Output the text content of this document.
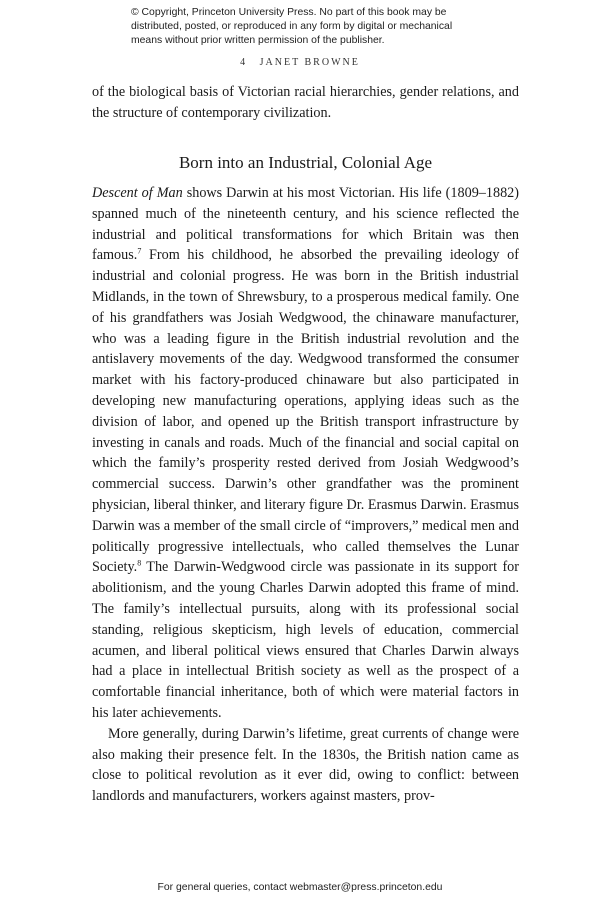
© Copyright, Princeton University Press. No part of this book may be distributed, posted, or reproduced in any form by digital or mechanical means without prior written permission of the publisher.
4 JANET BROWNE

of the biological basis of Victorian racial hierarchies, gender relations, and the structure of contemporary civilization.

Born into an Industrial, Colonial Age

Descent of Man shows Darwin at his most Victorian. His life (1809–1882) spanned much of the nineteenth century, and his science reflected the industrial and political transformations for which Britain was then famous.$^7$ From his childhood, he absorbed the prevailing ideology of industrial and colonial progress. He was born in the British industrial Midlands, in the town of Shrewsbury, to a prosperous medical family. One of his grandfathers was Josiah Wedgwood, the chinaware manufacturer, who was a leading figure in the British industrial revolution and the antislavery movements of the day. Wedgwood transformed the consumer market with his factory-produced chinaware but also participated in developing new manufacturing operations, applying ideas such as the division of labor, and opened up the British transport infrastructure by investing in canals and roads. Much of the financial and social capital on which the family’s prosperity rested derived from Josiah Wedgwood’s commercial success. Darwin’s other grandfather was the prominent physician, liberal thinker, and literary figure Dr. Erasmus Darwin. Erasmus Darwin was a member of the small circle of “improvers,” medical men and politically progressive intellectuals, who called themselves the Lunar Society.$^8$ The Darwin-Wedgwood circle was passionate in its support for abolitionism, and the young Charles Darwin adopted this frame of mind. The family’s intellectual pursuits, along with its professional social standing, religious skepticism, high levels of education, commercial acumen, and liberal political views ensured that Charles Darwin always had a place in intellectual British society as well as the prospect of a comfortable financial inheritance, both of which were material factors in his later achievements.

More generally, during Darwin’s lifetime, great currents of change were also making their presence felt. In the 1830s, the British nation came as close to political revolution as it ever did, owing to conflict: between landlords and manufacturers, workers against masters, prov-

For general queries, contact webmaster@press.princeton.edu
